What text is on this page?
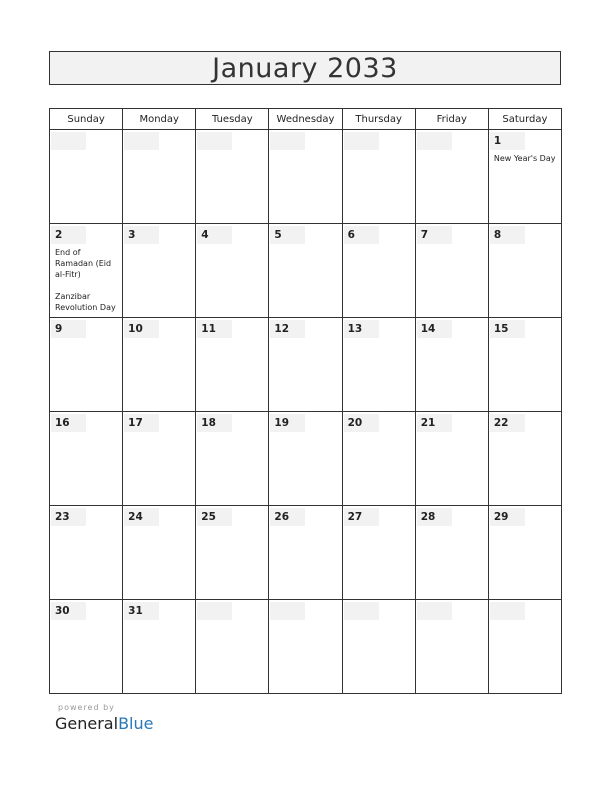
January 2033
Sunday	Monday	Tuesday	Wednesday	Thursday	Friday	Saturday

						1
New Year's Day

2
End of Ramadan (Eid al-Fitr)
Zanzibar Revolution Day	3	4	5	6	7	8

9	10	11	12	13	14	15

16	17	18	19	20	21	22

23	24	25	26	27	28	29

30	31					

powered by
GeneralBlue
